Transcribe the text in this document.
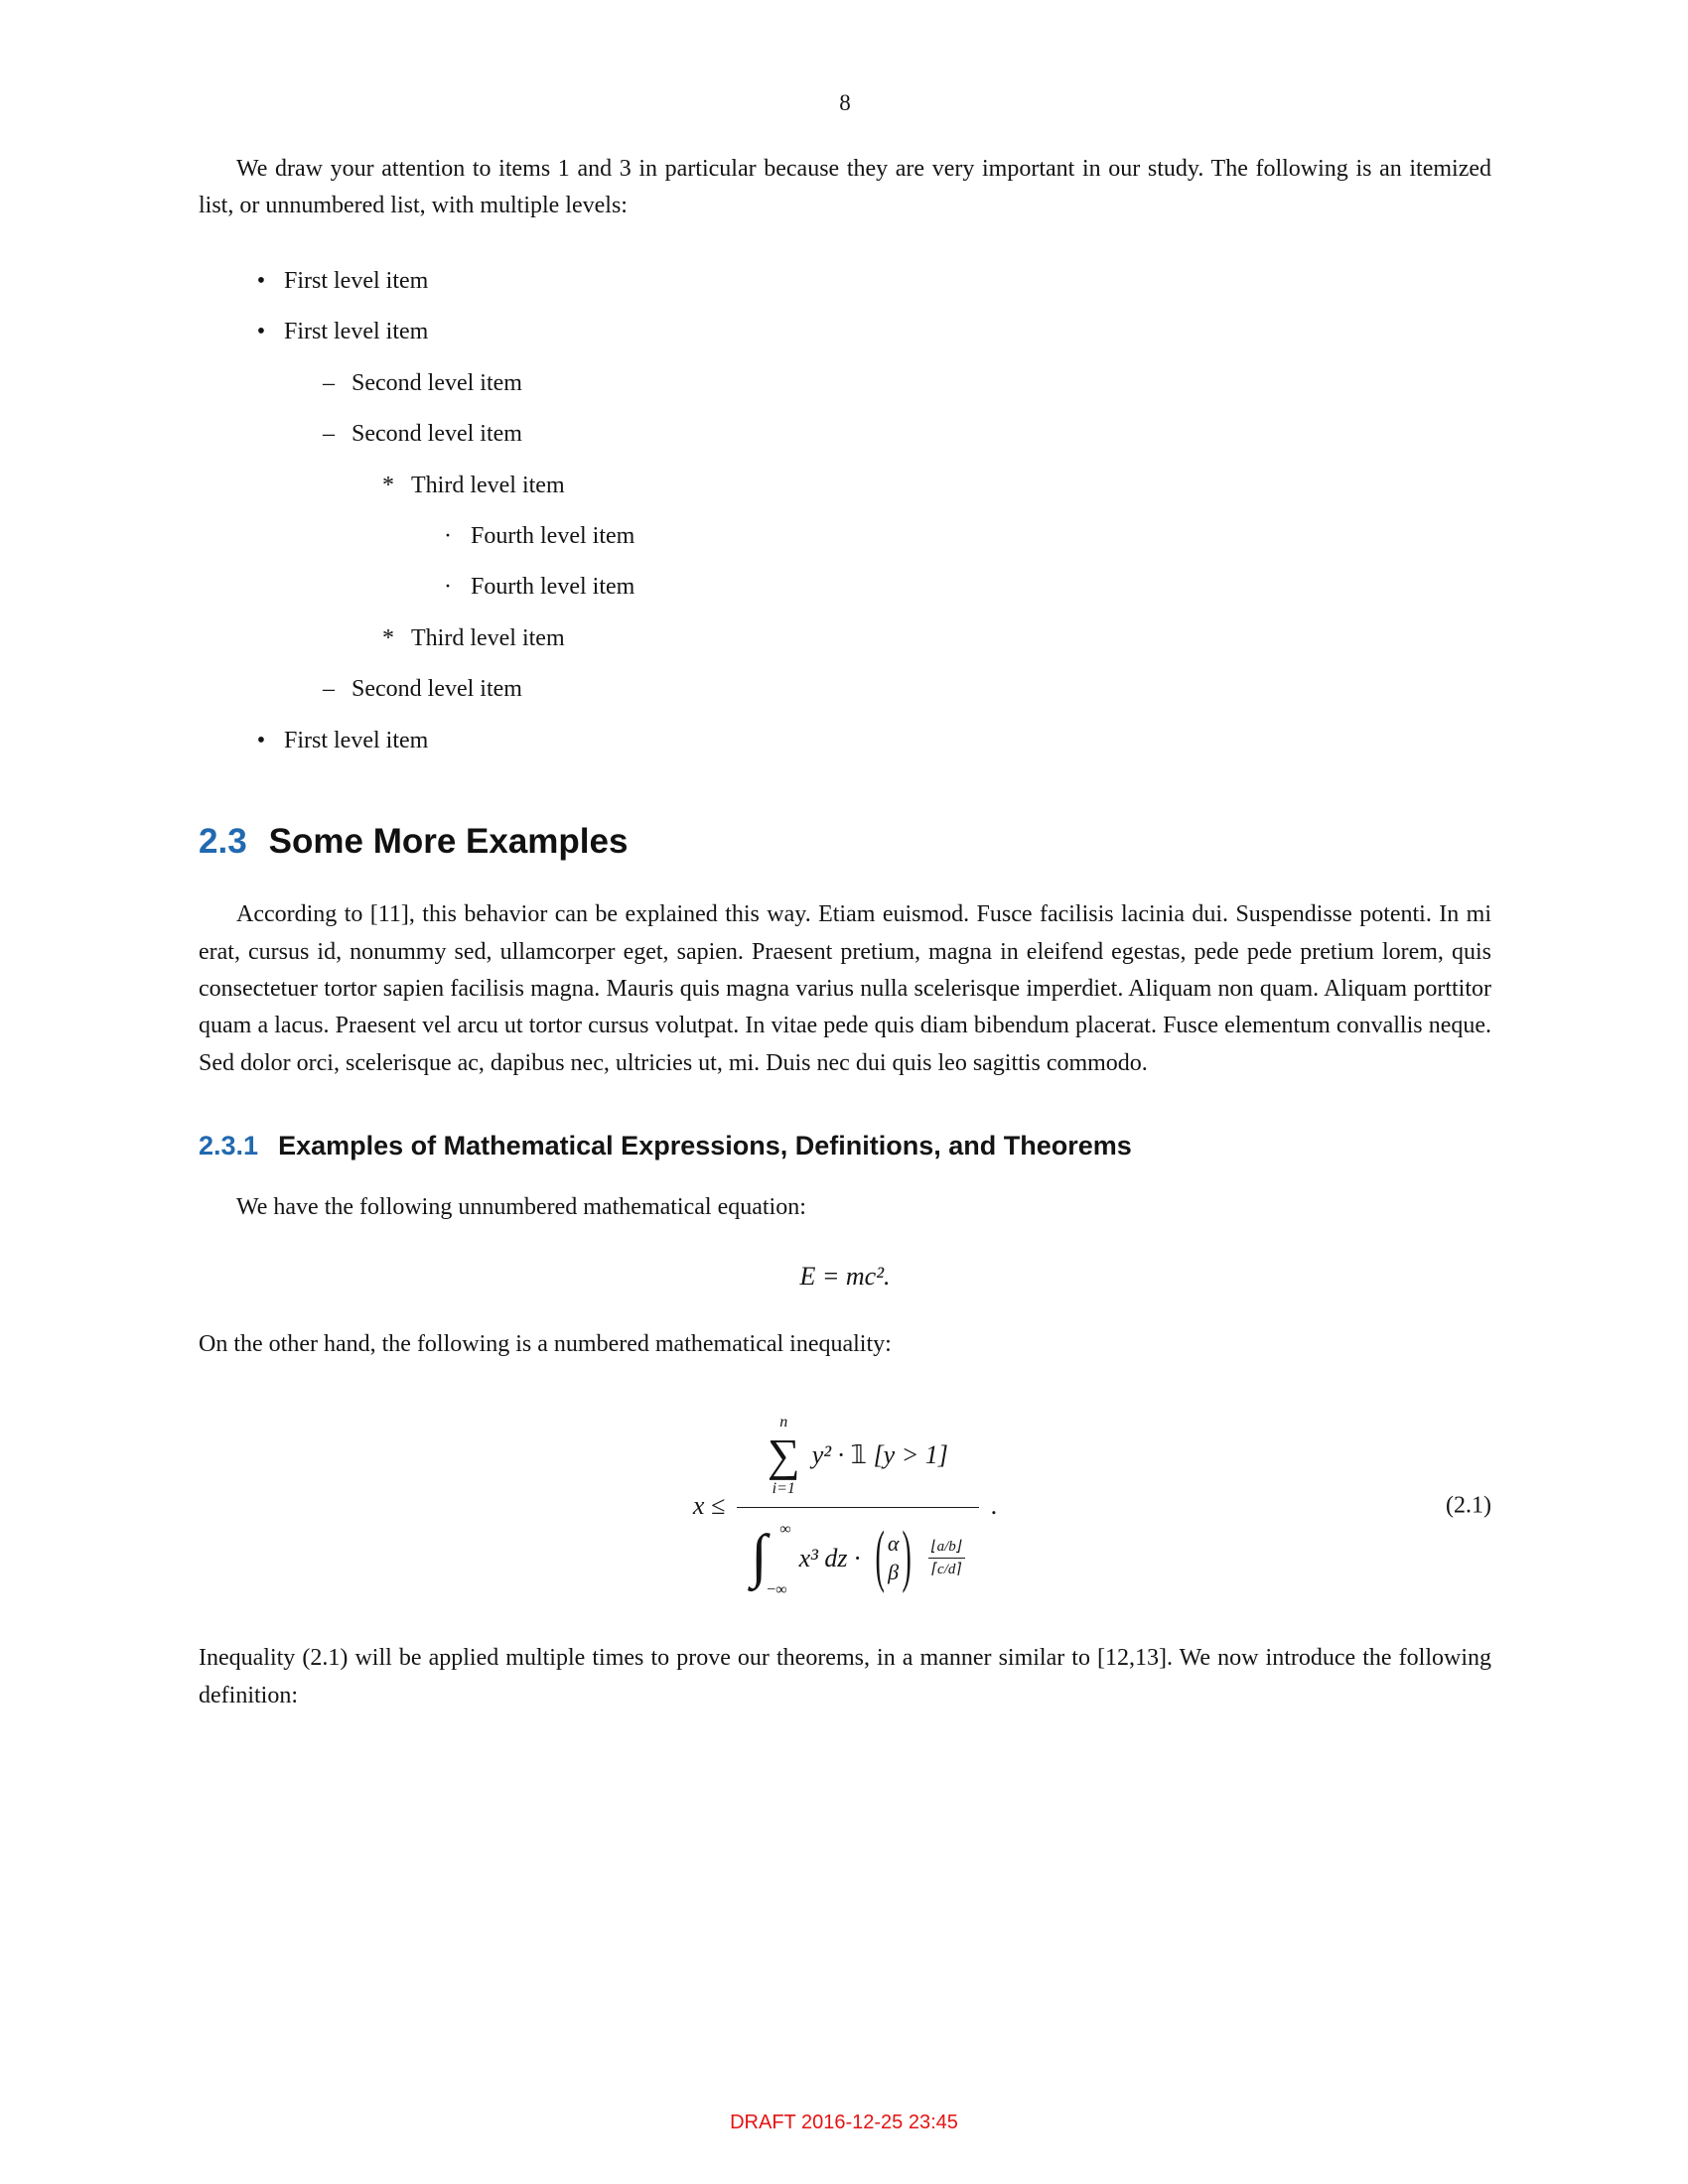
8

We draw your attention to items 1 and 3 in particular because they are very important in our study. The following is an itemized list, or unnumbered list, with multiple levels:

• First level item
• First level item
– Second level item
– Second level item
* Third level item
· Fourth level item
· Fourth level item
* Third level item
– Second level item
• First level item
2.3 Some More Examples

According to [11], this behavior can be explained this way. Etiam euismod. Fusce facilisis lacinia dui. Suspendisse potenti. In mi erat, cursus id, nonummy sed, ullamcorper eget, sapien. Praesent pretium, magna in eleifend egestas, pede pede pretium lorem, quis consectetuer tortor sapien facilisis magna. Mauris quis magna varius nulla scelerisque imperdiet. Aliquam non quam. Aliquam porttitor quam a lacus. Praesent vel arcu ut tortor cursus volutpat. In vitae pede quis diam bibendum placerat. Fusce elementum convallis neque. Sed dolor orci, scelerisque ac, dapibus nec, ultricies ut, mi. Duis nec dui quis leo sagittis commodo.

2.3.1 Examples of Mathematical Expressions, Definitions, and Theorems

We have the following unnumbered mathematical equation:

E = mc².

On the other hand, the following is a numbered mathematical inequality:

x ≤
n
∑
i=1
y² · 𝟙 [y > 1]
∫ ∞
−∞
x³ dz · ( α
β ) ⌊a/b⌋
⌈c/d⌉
.	(2.1)

Inequality (2.1) will be applied multiple times to prove our theorems, in a manner similar to [12,13]. We now introduce the following definition:

DRAFT 2016-12-25 23:45
